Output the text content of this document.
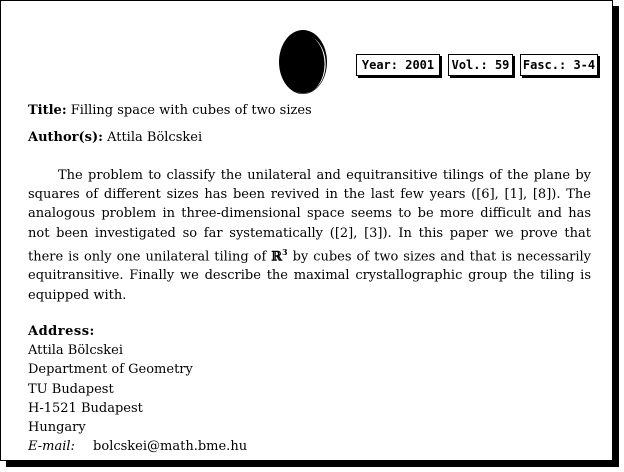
Year: 2001	Vol.: 59	Fasc.: 3-4
Title: Filling space with cubes of two sizes
Author(s): Attila Bölcskei

The problem to classify the unilateral and equitransitive tilings of the plane by squares of different sizes has been revived in the last few years ([6], [1], [8]). The analogous problem in three-dimensional space seems to be more difficult and has not been investigated so far systematically ([2], [3]). In this paper we prove that there is only one unilateral tiling of ℝ$^3$ by cubes of two sizes and that is necessarily equitransitive. Finally we describe the maximal crystallographic group the tiling is equipped with.

Address:
Attila Bölcskei
Department of Geometry
TU Budapest
H-1521 Budapest
Hungary
E-mail: bolcskei@math.bme.hu
